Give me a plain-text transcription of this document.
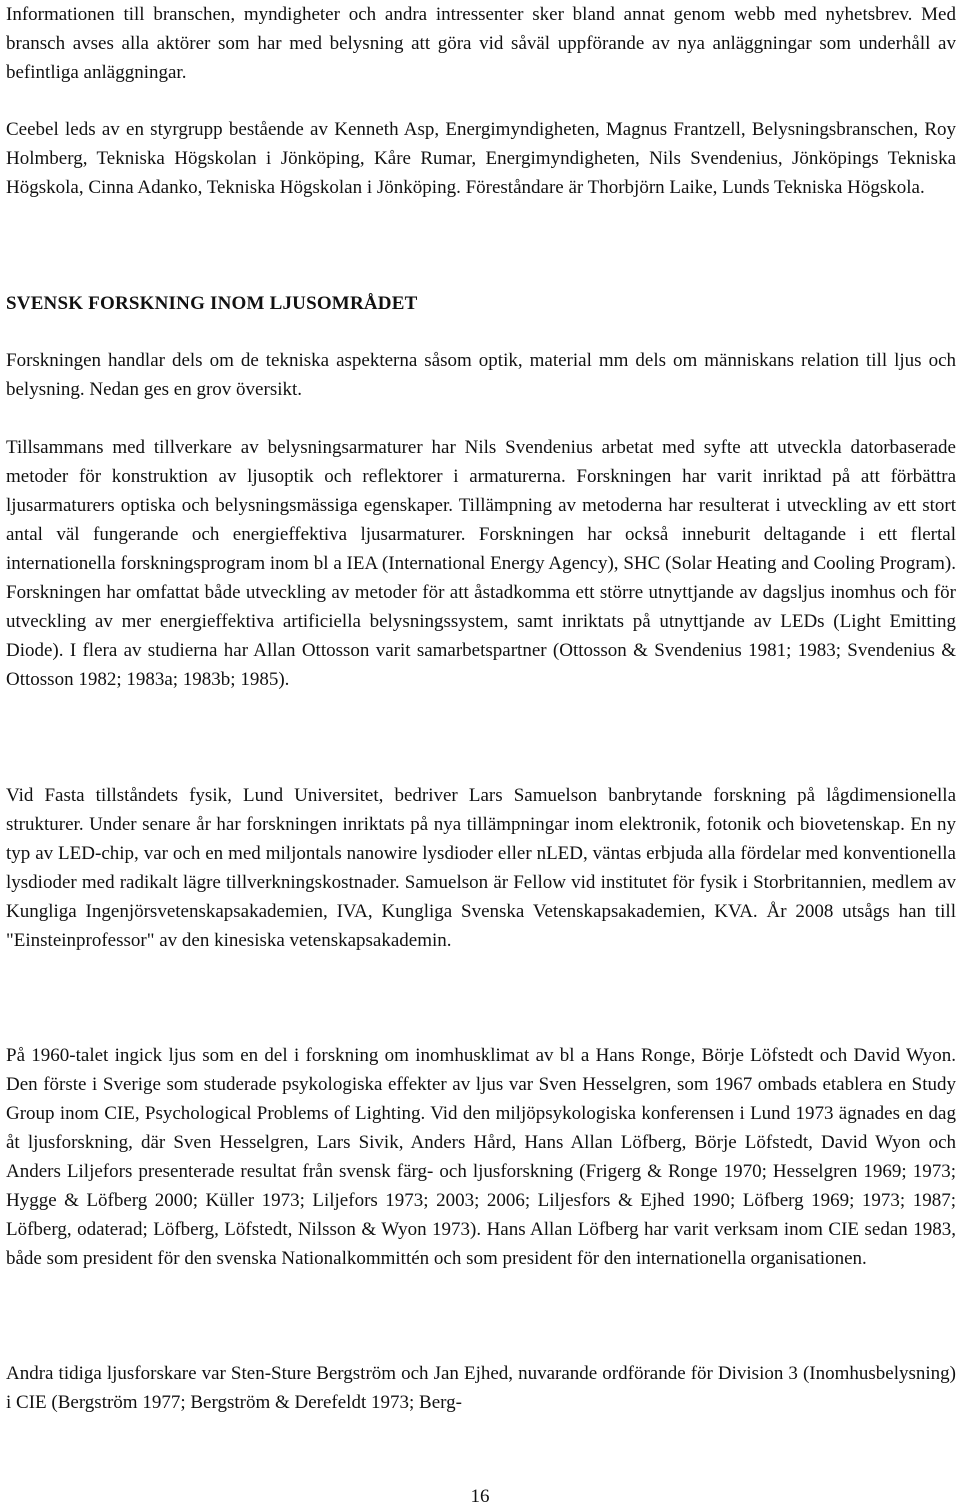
Informationen till branschen, myndigheter och andra intressenter sker bland annat genom webb med nyhetsbrev. Med bransch avses alla aktörer som har med belysning att göra vid såväl uppförande av nya anläggningar som underhåll av befintliga anläggningar.

Ceebel leds av en styrgrupp bestående av Kenneth Asp, Energimyndigheten, Magnus Frantzell, Belysningsbranschen, Roy Holmberg, Tekniska Högskolan i Jönköping, Kåre Rumar, Energimyndigheten, Nils Svendenius, Jönköpings Tekniska Högskola, Cinna Adanko, Tekniska Högskolan i Jönköping. Föreståndare är Thorbjörn Laike, Lunds Tekniska Högskola.

SVENSK FORSKNING INOM LJUSOMRÅDET

Forskningen handlar dels om de tekniska aspekterna såsom optik, material mm dels om människans relation till ljus och belysning. Nedan ges en grov översikt.

Tillsammans med tillverkare av belysningsarmaturer har Nils Svendenius arbetat med syfte att utveckla datorbaserade metoder för konstruktion av ljusoptik och reflektorer i armaturerna. Forskningen har varit inriktad på att förbättra ljusarmaturers optiska och belysningsmässiga egenskaper. Tillämpning av metoderna har resulterat i utveckling av ett stort antal väl fungerande och energieffektiva ljusarmaturer. Forskningen har också inneburit deltagande i ett flertal internationella forskningsprogram inom bl a IEA (International Energy Agency), SHC (Solar Heating and Cooling Program). Forskningen har omfattat både utveckling av metoder för att åstadkomma ett större utnyttjande av dagsljus inomhus och för utveckling av mer energieffektiva artificiella belysningssystem, samt inriktats på utnyttjande av LEDs (Light Emitting Diode). I flera av studierna har Allan Ottosson varit samarbetspartner (Ottosson & Svendenius 1981; 1983; Svendenius & Ottosson 1982; 1983a; 1983b; 1985).

Vid Fasta tillståndets fysik, Lund Universitet, bedriver Lars Samuelson banbrytande forskning på lågdimensionella strukturer. Under senare år har forskningen inriktats på nya tillämpningar inom elektronik, fotonik och biovetenskap. En ny typ av LED-chip, var och en med miljontals nanowire lysdioder eller nLED, väntas erbjuda alla fördelar med konventionella lysdioder med radikalt lägre tillverkningskostnader. Samuelson är Fellow vid institutet för fysik i Storbritannien, medlem av Kungliga Ingenjörsvetenskapsakademien, IVA, Kungliga Svenska Vetenskapsakademien, KVA. År 2008 utsågs han till "Einsteinprofessor" av den kinesiska vetenskapsakademin.

På 1960-talet ingick ljus som en del i forskning om inomhusklimat av bl a Hans Ronge, Börje Löfstedt och David Wyon. Den förste i Sverige som studerade psykologiska effekter av ljus var Sven Hesselgren, som 1967 ombads etablera en Study Group inom CIE, Psychological Problems of Lighting. Vid den miljöpsykologiska konferensen i Lund 1973 ägnades en dag åt ljusforskning, där Sven Hesselgren, Lars Sivik, Anders Hård, Hans Allan Löfberg, Börje Löfstedt, David Wyon och Anders Liljefors presenterade resultat från svensk färg- och ljusforskning (Frigerg & Ronge 1970; Hesselgren 1969; 1973; Hygge & Löfberg 2000; Küller 1973; Liljefors 1973; 2003; 2006; Liljesfors & Ejhed 1990; Löfberg 1969; 1973; 1987; Löfberg, odaterad; Löfberg, Löfstedt, Nilsson & Wyon 1973). Hans Allan Löfberg har varit verksam inom CIE sedan 1983, både som president för den svenska Nationalkommittén och som president för den internationella organisationen.

Andra tidiga ljusforskare var Sten-Sture Bergström och Jan Ejhed, nuvarande ordförande för Division 3 (Inomhusbelysning) i CIE (Bergström 1977; Bergström & Derefeldt 1973; Berg-

16
